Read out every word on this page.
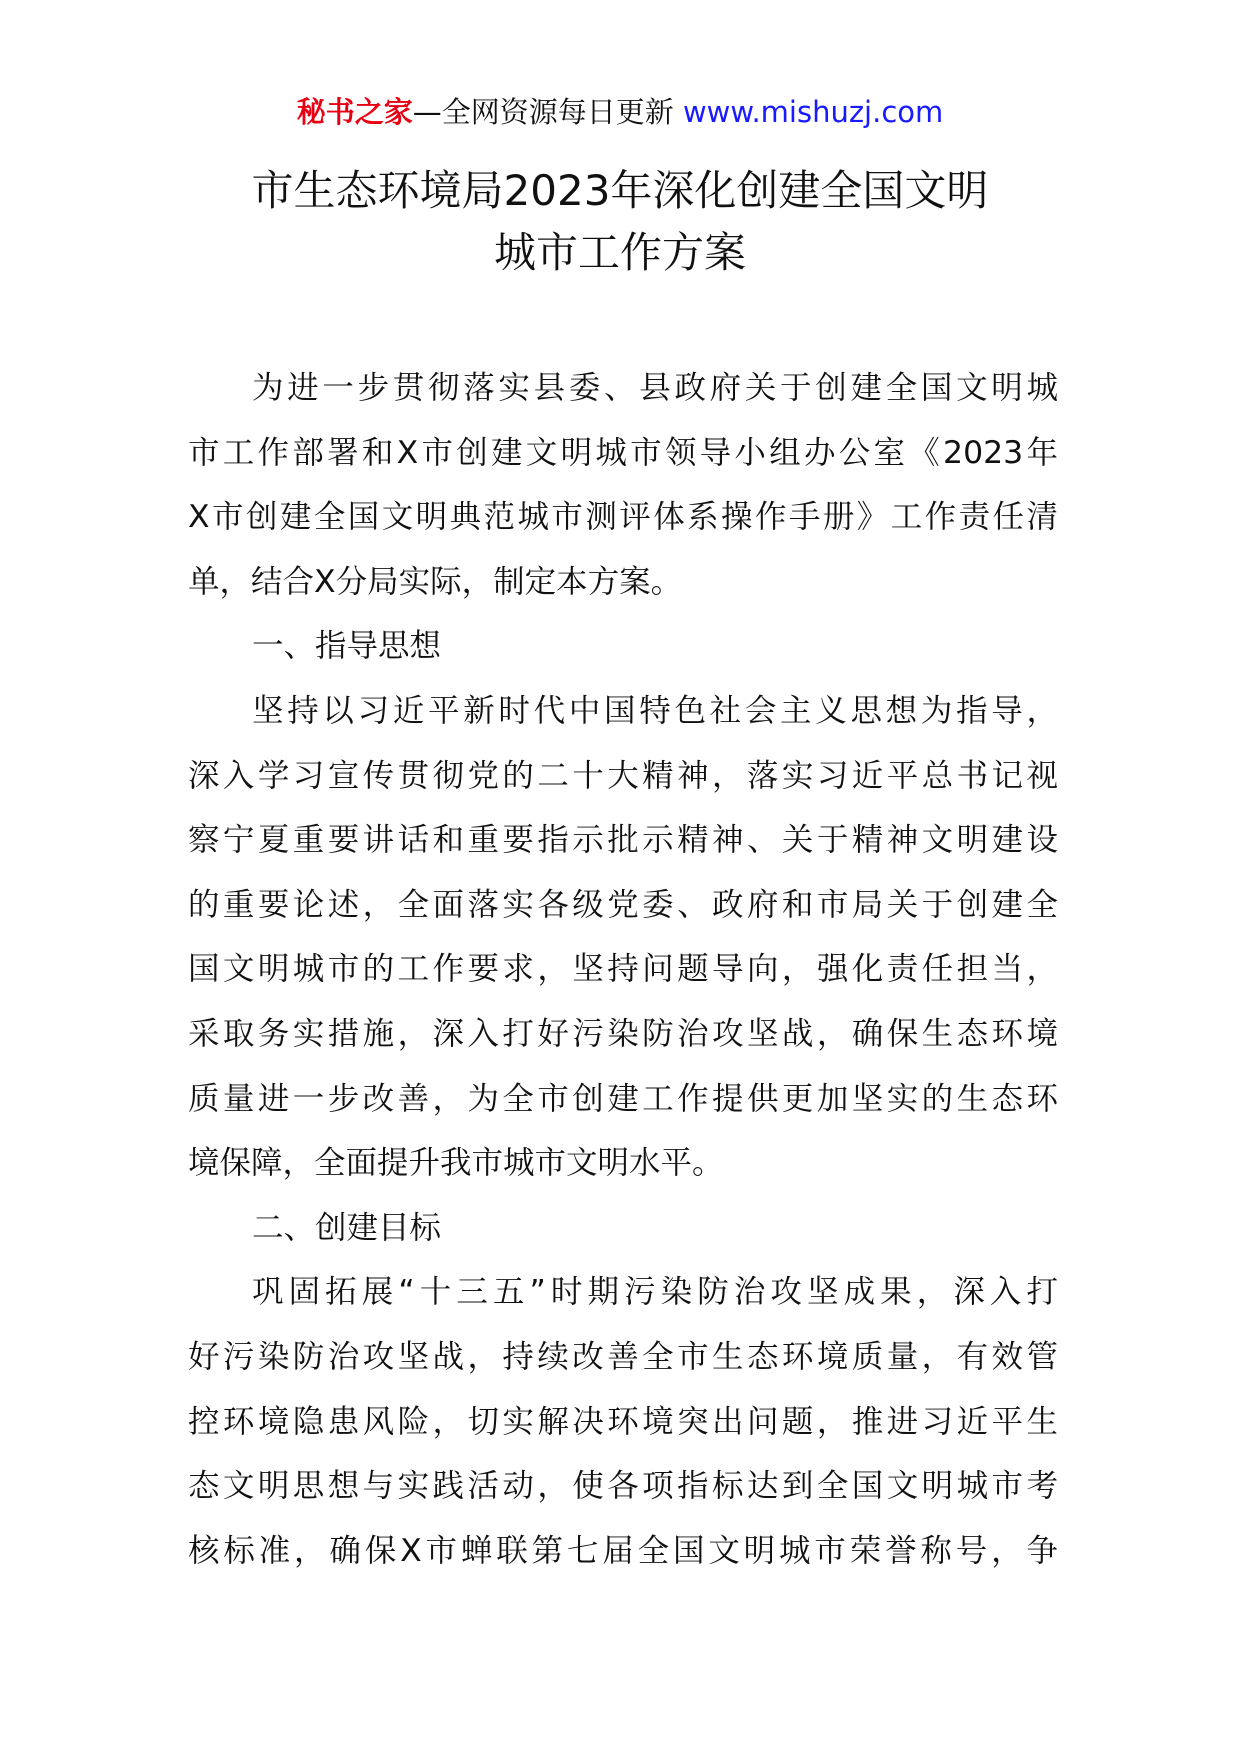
秘书之家—全网资源每日更新 www.mishuzj.com
市生态环境局2023年深化创建全国文明
城市工作方案
为进一步贯彻落实县委、县政府关于创建全国文明城
市工作部署和X市创建文明城市领导小组办公室《2023年
X市创建全国文明典范城市测评体系操作手册》工作责任清
单，结合X分局实际，制定本方案。
一、指导思想
坚持以习近平新时代中国特色社会主义思想为指导，
深入学习宣传贯彻党的二十大精神，落实习近平总书记视
察宁夏重要讲话和重要指示批示精神、关于精神文明建设
的重要论述，全面落实各级党委、政府和市局关于创建全
国文明城市的工作要求，坚持问题导向，强化责任担当，
采取务实措施，深入打好污染防治攻坚战，确保生态环境
质量进一步改善，为全市创建工作提供更加坚实的生态环
境保障，全面提升我市城市文明水平。
二、创建目标
巩固拓展“十三五”时期污染防治攻坚成果，深入打
好污染防治攻坚战，持续改善全市生态环境质量，有效管
控环境隐患风险，切实解决环境突出问题，推进习近平生
态文明思想与实践活动，使各项指标达到全国文明城市考
核标准，确保X市蝉联第七届全国文明城市荣誉称号，争
